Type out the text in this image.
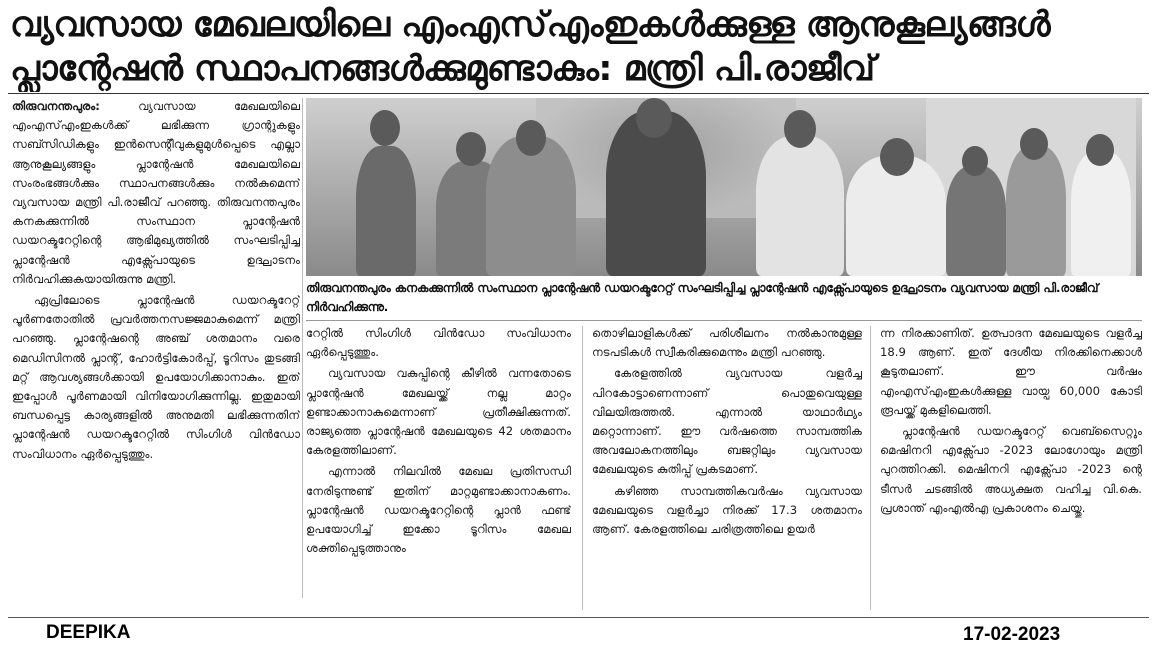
വ്യവസായ മേഖലയിലെ എംഎസ്എംഇകൾക്കുള്ള ആനുകൂല്യങ്ങൾ
പ്ലാന്റേഷൻ സ്ഥാപനങ്ങൾക്കുമുണ്ടാകും: മന്ത്രി പി.രാജീവ്

തിരുവനന്തപുരം:	വ്യവസായ മേഖലയിലെ എംഎസ്എംഇകൾക്ക് ലഭിക്കുന്ന ഗ്രാന്റുകളും സബ്സിഡികളും ഇൻസെന്റീവുകളുമുൾപ്പെടെ എല്ലാ ആനുകൂല്യങ്ങളും പ്ലാന്റേഷൻ മേഖലയിലെ സംരംഭങ്ങൾക്കും സ്ഥാപനങ്ങൾക്കും നൽകുമെന്ന് വ്യവസായ മന്ത്രി പി.രാജീവ് പറഞ്ഞു. തിരുവനന്തപുരം കനകക്കുന്നിൽ സംസ്ഥാന പ്ലാന്റേഷൻ ഡയറക്ടറേറ്റിന്റെ ആഭിമുഖ്യത്തിൽ സംഘടിപ്പിച്ച പ്ലാന്റേഷൻ എക്സ്പോയുടെ ഉദ്ഘാടനം നിർവഹിക്കുകയായിരുന്നു മന്ത്രി.

ഏപ്രിലോടെ പ്ലാന്റേഷൻ ഡയറക്ടറേറ്റ് പൂർണതോതിൽ പ്രവർത്തനസജ്ജമാകുമെന്ന് മന്ത്രി പറഞ്ഞു. പ്ലാന്റേഷന്റെ അഞ്ച് ശതമാനം വരെ മെഡിസിനൽ പ്ലാന്റ്, ഹോർട്ടികോർപ്പ്, ടൂറിസം തുടങ്ങി മറ്റ് ആവശ്യങ്ങൾക്കായി ഉപയോഗിക്കാനാകും. ഇത് ഇപ്പോൾ പൂർണമായി വിനിയോഗിക്കുന്നില്ല. ഇതുമായി ബന്ധപ്പെട്ട കാര്യങ്ങളിൽ അനുമതി ലഭിക്കുന്നതിന് പ്ലാന്റേഷൻ ഡയറക്ടറേറ്റിൽ സിംഗിൾ വിൻഡോ സംവിധാനം ഏർപ്പെടുത്തും.

തിരുവനന്തപുരം കനകക്കുന്നിൽ സംസ്ഥാന പ്ലാന്റേഷൻ ഡയറക്ടറേറ്റ് സംഘടിപ്പിച്ച പ്ലാന്റേഷൻ എക്സ്പോയുടെ ഉദ്ഘാടനം വ്യവസായ മന്ത്രി പി.രാജീവ് നിർവഹിക്കുന്നു.

റേറ്റിൽ സിംഗിൾ വിൻഡോ സംവിധാനം ഏർപ്പെടുത്തും.

വ്യവസായ വകുപ്പിന്റെ കീഴിൽ വന്നതോടെ പ്ലാന്റേഷൻ മേഖലയ്ക്ക് നല്ല മാറ്റം ഉണ്ടാക്കാനാകുമെന്നാണ് പ്രതീക്ഷിക്കുന്നത്. രാജ്യത്തെ പ്ലാന്റേഷൻ മേഖലയുടെ 42 ശതമാനം കേരളത്തിലാണ്.

എന്നാൽ നിലവിൽ മേഖല പ്രതിസന്ധി നേരിടുന്നുണ്ട് ഇതിന് മാറ്റമുണ്ടാക്കാനാകണം. പ്ലാന്റേഷൻ ഡയറക്ടറേറ്റിന്റെ പ്ലാൻ ഫണ്ട് ഉപയോഗിച്ച് ഇക്കോ ടൂറിസം മേഖല ശക്തിപ്പെടുത്താനും

തൊഴിലാളികൾക്ക് പരിശീലനം നൽകാനുമുള്ള നടപടികൾ സ്വീകരിക്കുമെന്നും മന്ത്രി പറഞ്ഞു.

കേരളത്തിൽ വ്യവസായ വളർച്ച പിറകോട്ടാണെന്നാണ് പൊതുവെയുള്ള വിലയിരുത്തൽ. എന്നാൽ യാഥാർഥ്യം മറ്റൊന്നാണ്. ഈ വർഷത്തെ സാമ്പത്തിക അവലോകനത്തിലും ബജറ്റിലും വ്യവസായ മേഖലയുടെ കുതിപ്പ് പ്രകടമാണ്.

കഴിഞ്ഞ സാമ്പത്തികവർഷം വ്യവസായ മേഖലയുടെ വളർച്ചാ നിരക്ക് 17.3 ശതമാനം ആണ്. കേരളത്തിലെ ചരിത്രത്തിലെ ഉയർ

ന്ന നിരക്കാണിത്. ഉത്പാദന മേഖലയുടെ വളർച്ച 18.9 ആണ്. ഇത് ദേശീയ നിരക്കിനെക്കാൾ കൂടുതലാണ്. ഈ വർഷം എംഎസ്എംഇകൾക്കുള്ള വായ്പ 60,000 കോടി രൂപയ്ക്ക് മുകളിലെത്തി.

പ്ലാന്റേഷൻ ഡയറക്ടറേറ്റ് വെബ്സൈറ്റും മെഷിനറി എക്സ്പോ -2023 ലോഗോയും മന്ത്രി പുറത്തിറക്കി. മെഷിനറി എക്സ്പോ -2023 ന്റെ ടീസർ ചടങ്ങിൽ അധ്യക്ഷത വഹിച്ച വി.കെ. പ്രശാന്ത് എംഎൽഎ പ്രകാശനം ചെയ്തു.

DEEPIKA	17-02-2023
